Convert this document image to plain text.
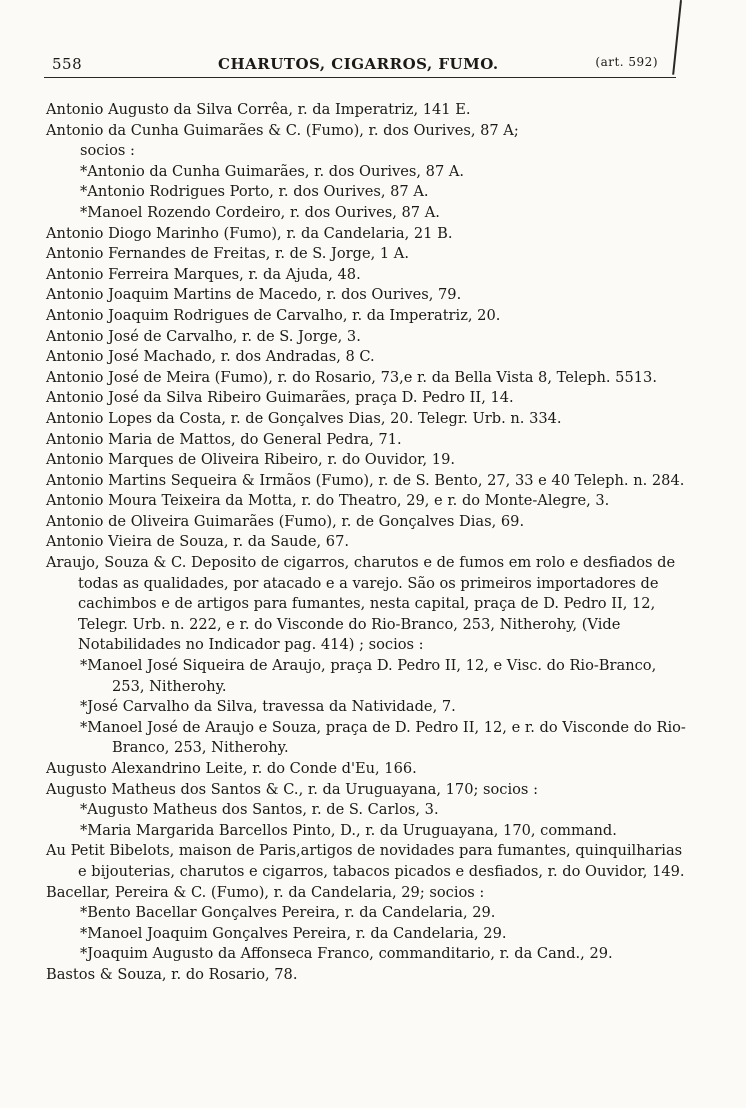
558	CHARUTOS, CIGARROS, FUMO.	(art. 592)
Antonio Augusto da Silva Corrêa, r. da Imperatriz, 141 E.
Antonio da Cunha Guimarães & C. (Fumo), r. dos Ourives, 87 A;
socios :
*Antonio da Cunha Guimarães, r. dos Ourives, 87 A.
*Antonio Rodrigues Porto, r. dos Ourives, 87 A.
*Manoel Rozendo Cordeiro, r. dos Ourives, 87 A.
Antonio Diogo Marinho (Fumo), r. da Candelaria, 21 B.
Antonio Fernandes de Freitas, r. de S. Jorge, 1 A.
Antonio Ferreira Marques, r. da Ajuda, 48.
Antonio Joaquim Martins de Macedo, r. dos Ourives, 79.
Antonio Joaquim Rodrigues de Carvalho, r. da Imperatriz, 20.
Antonio José de Carvalho, r. de S. Jorge, 3.
Antonio José Machado, r. dos Andradas, 8 C.
Antonio José de Meira (Fumo), r. do Rosario, 73,e r. da Bella Vista 8, Teleph. 5513.
Antonio José da Silva Ribeiro Guimarães, praça D. Pedro II, 14.
Antonio Lopes da Costa, r. de Gonçalves Dias, 20. Telegr. Urb. n. 334.
Antonio Maria de Mattos, do General Pedra, 71.
Antonio Marques de Oliveira Ribeiro, r. do Ouvidor, 19.
Antonio Martins Sequeira & Irmãos (Fumo), r. de S. Bento, 27, 33 e 40 Teleph. n. 284.
Antonio Moura Teixeira da Motta, r. do Theatro, 29, e r. do Monte-Alegre, 3.
Antonio de Oliveira Guimarães (Fumo), r. de Gonçalves Dias, 69.
Antonio Vieira de Souza, r. da Saude, 67.
Araujo, Souza & C. Deposito de cigarros, charutos e de fumos em rolo e desfiados de todas as qualidades, por atacado e a varejo. São os primeiros importadores de cachimbos e de artigos para fumantes, nesta capital, praça de D. Pedro II, 12, Telegr. Urb. n. 222, e r. do Visconde do Rio-Branco, 253, Nitherohy, (Vide Notabilidades no Indicador pag. 414) ; socios :
*Manoel José Siqueira de Araujo, praça D. Pedro II, 12, e Visc. do Rio-Branco, 253, Nitherohy.
*José Carvalho da Silva, travessa da Natividade, 7.
*Manoel José de Araujo e Souza, praça de D. Pedro II, 12, e r. do Visconde do Rio-Branco, 253, Nitherohy.
Augusto Alexandrino Leite, r. do Conde d'Eu, 166.
Augusto Matheus dos Santos & C., r. da Uruguayana, 170; socios :
*Augusto Matheus dos Santos, r. de S. Carlos, 3.
*Maria Margarida Barcellos Pinto, D., r. da Uruguayana, 170, command.
Au Petit Bibelots, maison de Paris,artigos de novidades para fumantes, quinquilharias e bijouterias, charutos e cigarros, tabacos picados e desfiados, r. do Ouvidor, 149.
Bacellar, Pereira & C. (Fumo), r. da Candelaria, 29; socios :
*Bento Bacellar Gonçalves Pereira, r. da Candelaria, 29.
*Manoel Joaquim Gonçalves Pereira, r. da Candelaria, 29.
*Joaquim Augusto da Affonseca Franco, commanditario, r. da Cand., 29.
Bastos & Souza, r. do Rosario, 78.
